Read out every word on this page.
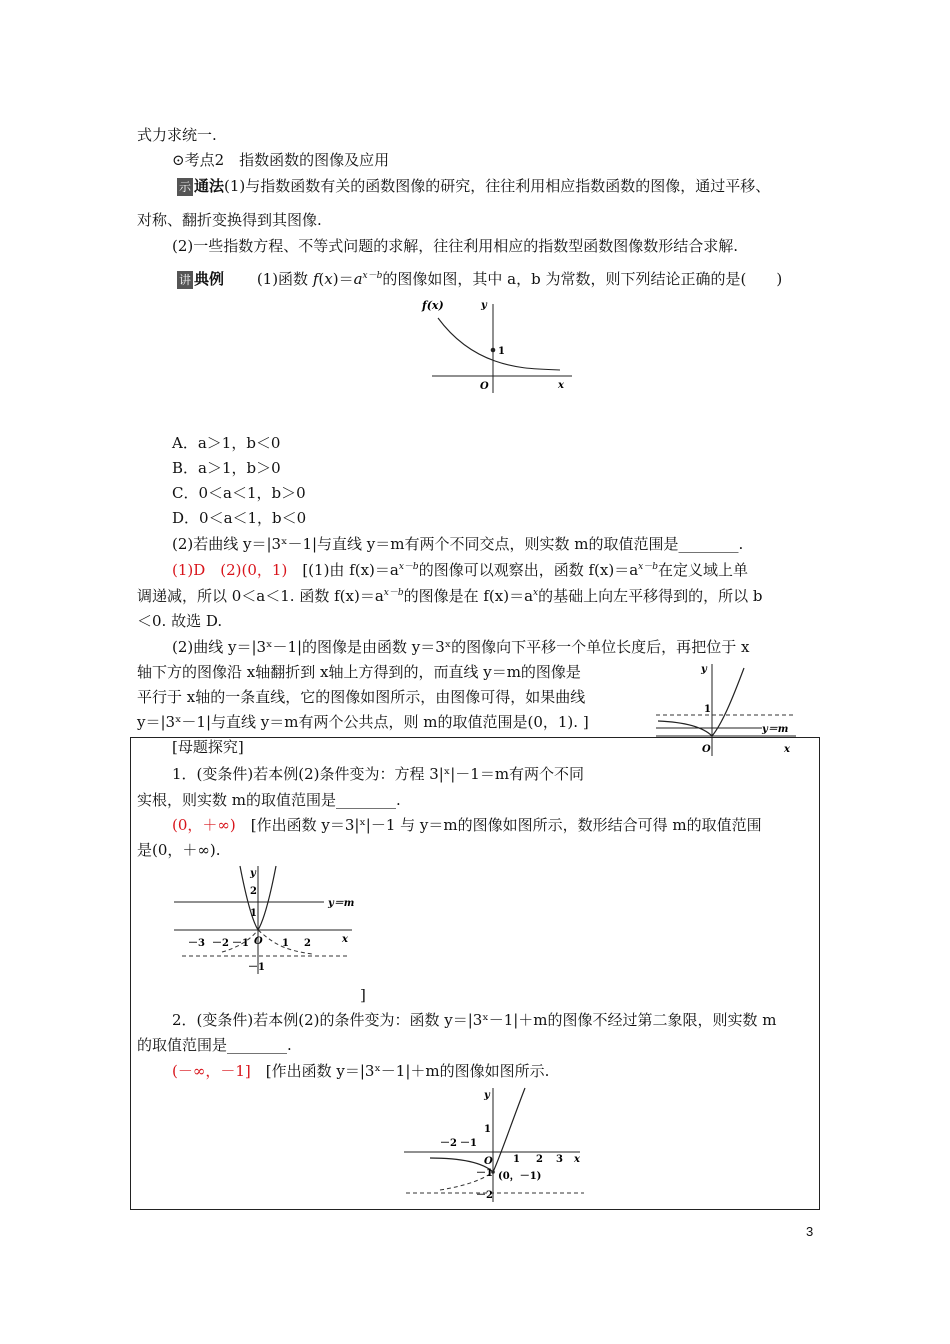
式力求统一.
⊙考点2　指数函数的图像及应用
示 通法(1)与指数函数有关的函数图像的研究，往往利用相应指数函数的图像，通过平移、
对称、翻折变换得到其图像.
(2)一些指数方程、不等式问题的求解，往往利用相应的指数型函数图像数形结合求解.
讲 典例 (1)函数 $f(x)=a^{x-b}$的图像如图，其中 a，b 为常数，则下列结论正确的是(　　)
f(x)	y
1
O	x
A．a＞1，b＜0
B．a＞1，b＞0
C．0＜a＜1，b＞0
D．0＜a＜1，b＜0
(2)若曲线 y＝|3ˣ－1|与直线 y＝m有两个不同交点，则实数 m的取值范围是________.
(1)D　(2)(0，1)　[(1)由 $f(x)=a^{x-b}$的图像可以观察出，函数 $f(x)=a^{x-b}$在定义域上单
调递减，所以 0＜a＜1. 函数 $f(x)=a^{x-b}$的图像是在 $f(x)=a^x$的基础上向左平移得到的，所以 b
＜0. 故选 D.
(2)曲线 y＝|3ˣ－1|的图像是由函数 y＝3ˣ的图像向下平移一个单位长度后，再把位于 x
轴下方的图像沿 x轴翻折到 x轴上方得到的，而直线 y＝m的图像是
平行于 x轴的一条直线，它的图像如图所示，由图像可得，如果曲线
y＝|3ˣ－1|与直线 y＝m有两个公共点，则 m的取值范围是(0，1). ]
y
1
y＝m
O	x
[母题探究]
1．(变条件)若本例(2)条件变为：方程 3|ˣ|－1＝m有两个不同
实根，则实数 m的取值范围是________.
(0，＋∞)　[作出函数 y＝3|ˣ|－1 与 y＝m的图像如图所示，数形结合可得 m的取值范围
是(0，＋∞).
y
2
1
y＝m
－3 －2 －1 O 1 2	x
－1
]
2．(变条件)若本例(2)的条件变为：函数 y＝|3ˣ－1|＋m的图像不经过第二象限，则实数 m
的取值范围是________.
(－∞，－1]　[作出函数 y＝|3ˣ－1|＋m的图像如图所示.
y
1
－2 －1
O 1 2 3 x
－1 (0，－1)
－2
3
